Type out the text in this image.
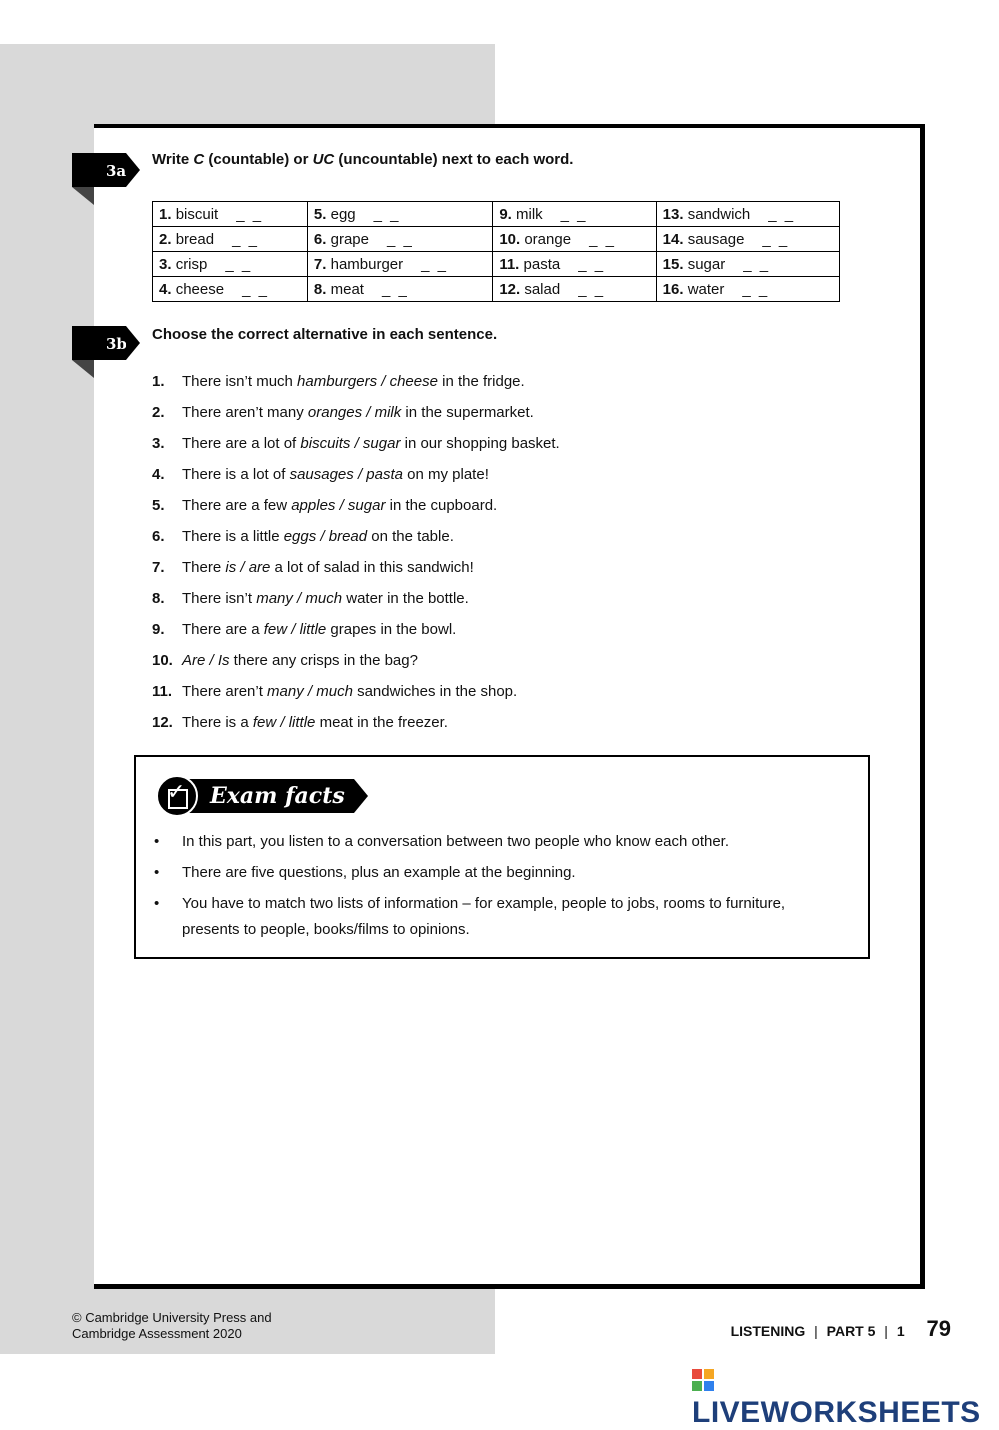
3a
Write C (countable) or UC (uncountable) next to each word.
1. biscuit _ _	5. egg _ _	9. milk _ _	13. sandwich _ _
2. bread _ _	6. grape _ _	10. orange _ _	14. sausage _ _
3. crisp _ _	7. hamburger _ _	11. pasta _ _	15. sugar _ _
4. cheese _ _	8. meat _ _	12. salad _ _	16. water _ _
3b
Choose the correct alternative in each sentence.
1. There isn’t much hamburgers / cheese in the fridge.
2. There aren’t many oranges / milk in the supermarket.
3. There are a lot of biscuits / sugar in our shopping basket.
4. There is a lot of sausages / pasta on my plate!
5. There are a few apples / sugar in the cupboard.
6. There is a little eggs / bread on the table.
7. There is / are a lot of salad in this sandwich!
8. There isn’t many / much water in the bottle.
9. There are a few / little grapes in the bowl.
10. Are / Is there any crisps in the bag?
11. There aren’t many / much sandwiches in the shop.
12. There is a few / little meat in the freezer.
✓	Exam facts
• In this part, you listen to a conversation between two people who know each other.
• There are five questions, plus an example at the beginning.
• You have to match two lists of information – for example, people to jobs, rooms to furniture, presents to people, books/films to opinions.
© Cambridge University Press and
Cambridge Assessment 2020	LISTENING | PART 5 | 1 79
LIVEWORKSHEETS
